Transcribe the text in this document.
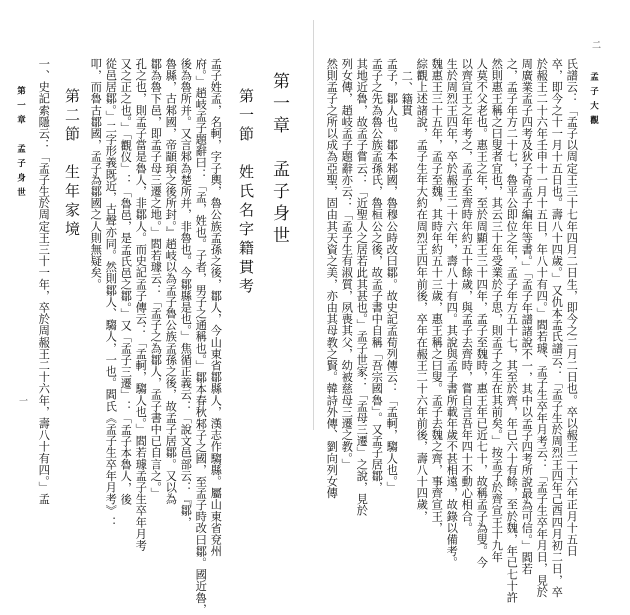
孟子大觀
二
氏譜云：「孟子以周定王三十七年四月二日生，即今之二月二日也。卒以赧王二十六年正月十五日
卒，即今之十一月十五日也。壽八十四歲。」又仇本孟氏譜云：「孟子生於周烈王四年己酉四月初二日，卒
於赧王二十六年壬申十一月十五日，年八十有四。」閻若璩、孟子生卒年月考云：「孟子生卒年月日，見於
周廣業孟子四考及狄子奇孟子編年等書。」「孟子年譜諸說不一，其中以孟子四考所說最為可信。」閻若
之，孟子年方二十七，魯平公即位之年，孟子年方五十七，其至於齊，年已六十有餘，至於魏，年已七十許
然則惠王稱之曰叟者宜也，其云三十年受業於子思，則孟子之生在其前矣。」按孟子於齊宣王十九年
人莫不父老也。惠王之年，至於周顯王三十四年，孟子至魏時，惠王年已近七十，故稱孟子為叟。今
以齊宣王之年考之，孟子至齊時年約五十餘歲，與孟子去齊時，嘗自言吾年四十不動心相合。
生於周烈王四年，卒於赧王二十六年，壽八十有四。其說與孟子書所載年歲不甚相遠，故錄以備考。
魏惠王三十五年，孟子至魏，其時年約五十三歲，惠王稱之曰叟。孟子去魏之齊，事齊宣王，
綜觀上述諸說，孟子生年大約在周烈王四年前後，卒年在赧王二十六年前後，壽八十四歲，
二、籍貫
孟子，鄒人也。鄒本邾國，魯穆公時改曰鄒。故史記孟荀列傳云：「孟軻，騶人也。」
孟子之先為魯公族孟孫氏，魯桓公之後，故孟子書中自稱「吾宗國魯」。又孟子居鄒，
其地近魯，故孟子嘗云：「近聖人之居若此其甚也。」孟子世家：「孟母三遷」之說，見於
列女傳，趙岐孟子題辭亦云：「孟子生有淑質，夙喪其父，幼被慈母三遷之教。」
然則孟子之所以成為亞聖，固由其天資之美，亦由其母教之賢。韓詩外傳、劉向列女傳
第一章　孟子身世
第一節　姓氏名字籍貫考
孟子姓孟，名軻，字子輿，魯公族孟孫之後，鄒人，今山東省鄒縣人，漢志作騶縣。屬山東省兗州
府。」趙岐孟子題辭曰：「孟，姓也。子者，男子之通稱也。」鄒本春秋邾子之國，至孟子時改曰鄒。國近魯，
後為魯所并。又言邾為楚所并，非魯也。今鄒縣是也。」焦循正義云：「說文邑部云：『鄒，
魯縣，古邾國，帝顓頊之後所封。』趙岐以為孟子魯公族孟孫之後，故孟子居鄒。又以為
鄒為魯下邑，即孟子母三遷之地。」閻若璩云：「孟子之為鄒人，孟子書中已自言之。」
孔之也，則孟子當是魯人，非鄒人。而史記孟子傳云：「孟軻，騶人也。」閻若璩孟子生卒年月考
又之正之也。」「觀仪」：「魯邑，是孟氏邑之鄒。」又「孟子三遷」：「孟子本魯人，後
從邑居鄒。」二字形義既近，古聲亦同。然則鄒人、騶人，一也。閻氏《孟子生卒年月考》：
叩，而魯古鄒國，孟子為鄒國之人則無疑矣。
第二節　生年家境
一、史記索隱云：「孟子生於周定王三十一年，卒於周赧王二十六年，壽八十有四。」孟
第一章　孟子身世
一
